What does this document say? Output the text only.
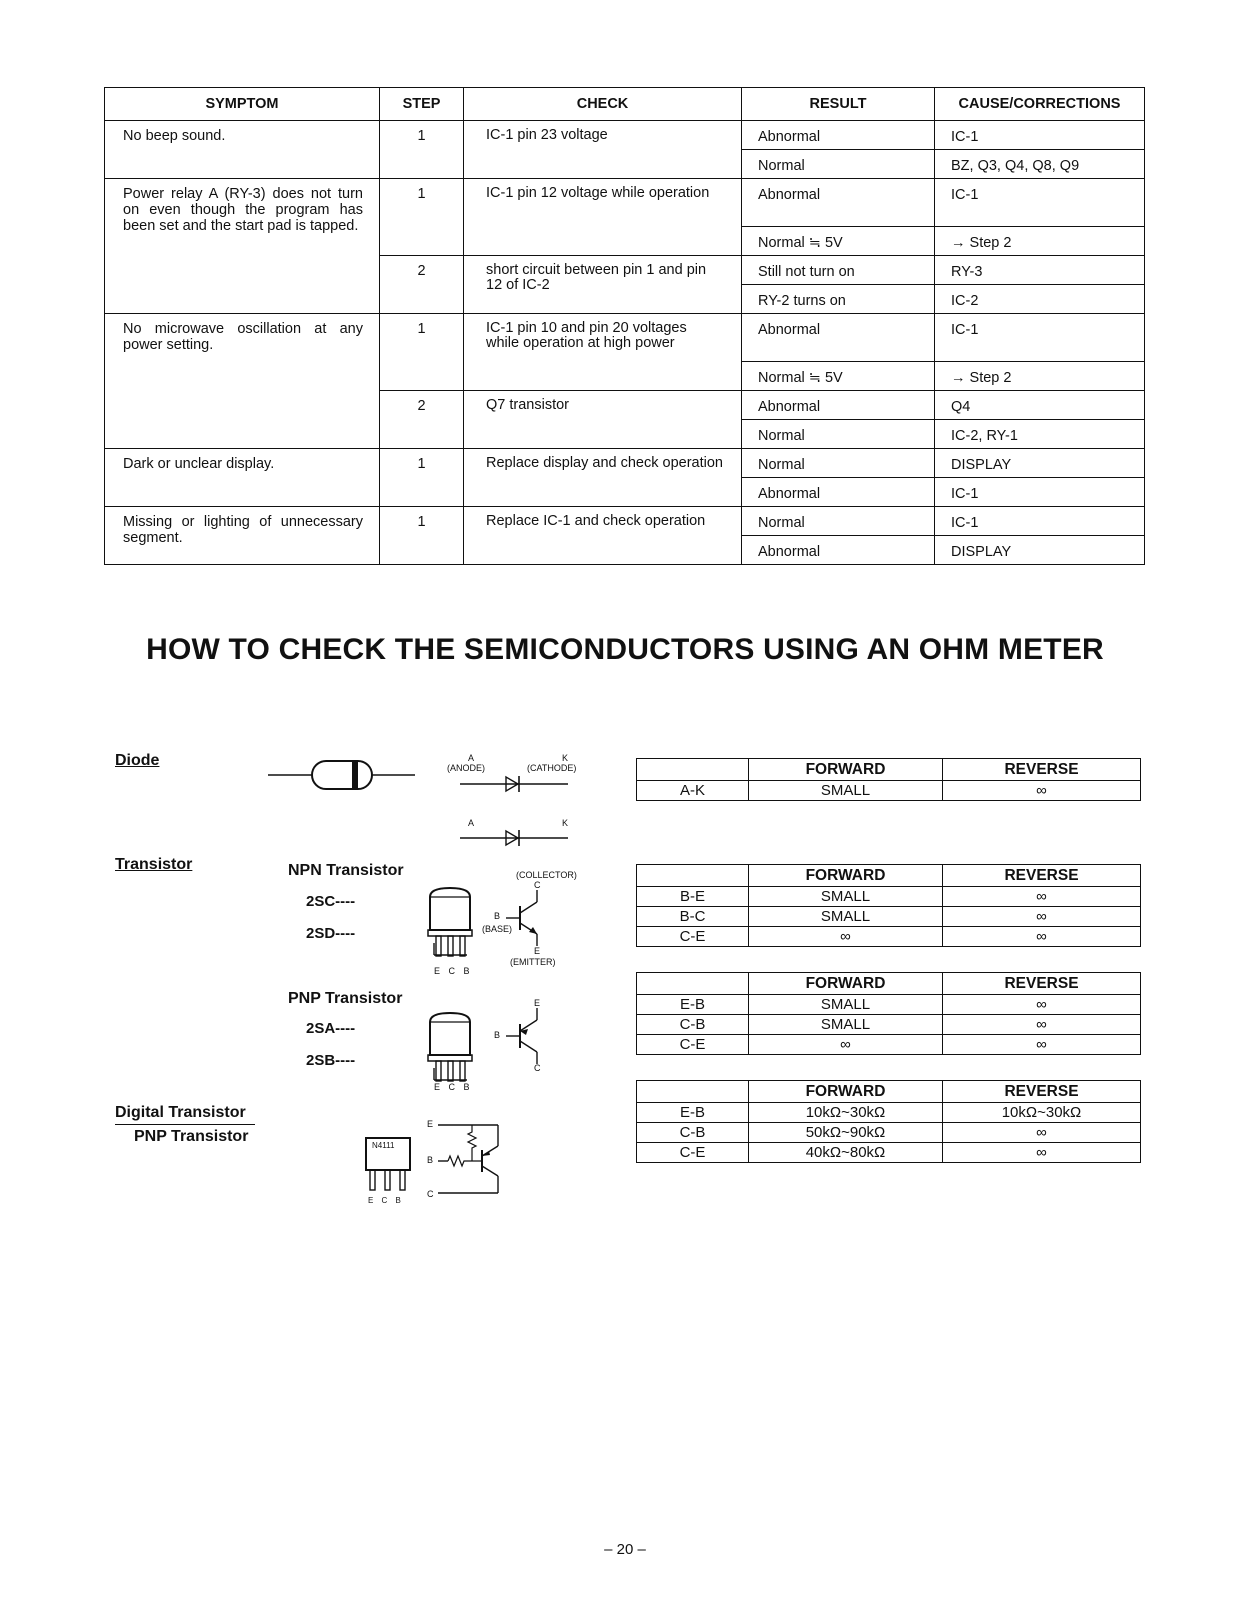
SYMPTOM	STEP	CHECK	RESULT	CAUSE/CORRECTIONS
No beep sound.	1	IC-1 pin 23 voltage	Abnormal	IC-1
			Normal	BZ, Q3, Q4, Q8, Q9
Power relay A (RY-3) does not turn on even though the program has been set and the start pad is tapped.	1	IC-1 pin 12 voltage while operation	Abnormal	IC-1
			Normal ≒ 5V	→ Step 2
	2	short circuit between pin 1 and pin 12 of IC-2	Still not turn on	RY-3
			RY-2 turns on	IC-2
No microwave oscillation at any power setting.	1	IC-1 pin 10 and pin 20 voltages while operation at high power	Abnormal	IC-1
			Normal ≒ 5V	→ Step 2
	2	Q7 transistor	Abnormal	Q4
			Normal	IC-2, RY-1
Dark or unclear display.	1	Replace display and check operation	Normal	DISPLAY
			Abnormal	IC-1
Missing or lighting of unnecessary segment.	1	Replace IC-1 and check operation	Normal	IC-1
			Abnormal	DISPLAY
HOW TO CHECK THE SEMICONDUCTORS USING AN OHM METER
Diode
Transistor	NPN Transistor
2SC----
2SD----
PNP Transistor
2SA----
2SB----
Digital Transistor
PNP Transistor
A	K
(ANODE)	(CATHODE)
A	K
E C B
(COLLECTOR)
C
B
(BASE)
E
(EMITTER)
E C B
E
B
C
N4111
E C B
E
B
C
	FORWARD	REVERSE
A-K	SMALL	∞
	FORWARD	REVERSE
B-E	SMALL	∞
B-C	SMALL	∞
C-E	∞	∞
	FORWARD	REVERSE
E-B	SMALL	∞
C-B	SMALL	∞
C-E	∞	∞
	FORWARD	REVERSE
E-B	10kΩ~30kΩ	10kΩ~30kΩ
C-B	50kΩ~90kΩ	∞
C-E	40kΩ~80kΩ	∞
– 20 –
